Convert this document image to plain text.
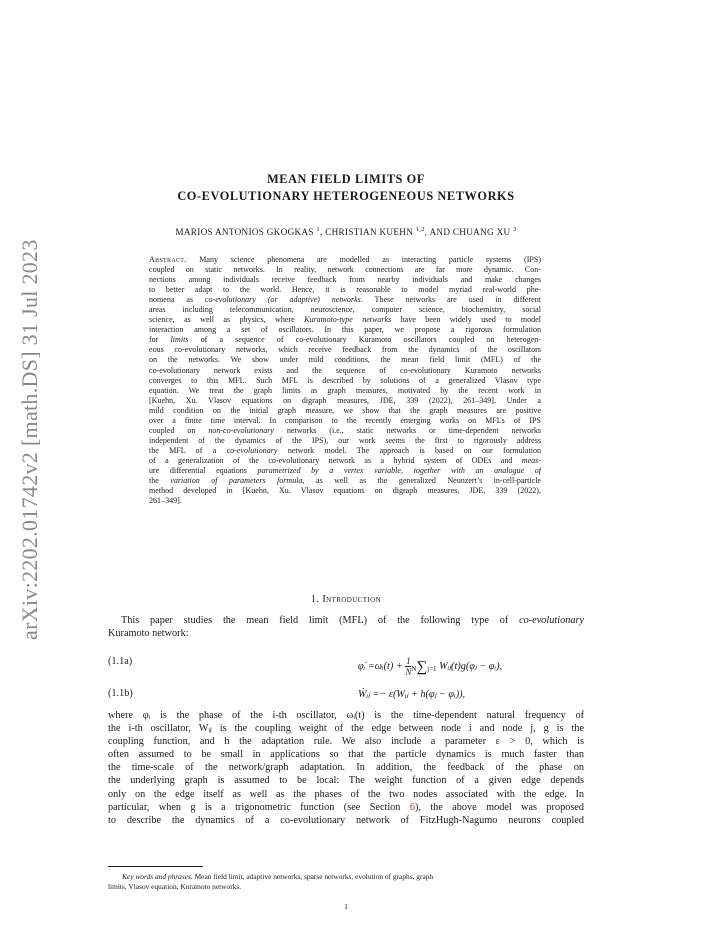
arXiv:2202.01742v2 [math.DS] 31 Jul 2023
MEAN FIELD LIMITS OF
CO-EVOLUTIONARY HETEROGENEOUS NETWORKS
MARIOS ANTONIOS GKOGKAS $^1$, CHRISTIAN KUEHN $^{1,2}$, AND CHUANG XU $^3$
Abstract. Many science phenomena are modelled as interacting particle systems (IPS)
coupled on static networks. In reality, network connections are far more dynamic. Con-
nections among individuals receive feedback from nearby individuals and make changes
to better adapt to the world. Hence, it is reasonable to model myriad real-world phe-
nomena as co-evolutionary (or adaptive) networks. These networks are used in different
areas including telecommunication, neuroscience, computer science, biochemistry, social
science, as well as physics, where Kuramoto-type networks have been widely used to model
interaction among a set of oscillators. In this paper, we propose a rigorous formulation
for limits of a sequence of co-evolutionary Kuramoto oscillators coupled on heterogen-
eous co-evolutionary networks, which receive feedback from the dynamics of the oscillators
on the networks. We show under mild conditions, the mean field limit (MFL) of the
co-evolutionary network exists and the sequence of co-evolutionary Kuramoto networks
converges to this MFL. Such MFL is described by solutions of a generalized Vlasov type
equation. We treat the graph limits as graph measures, motivated by the recent work in
[Kuehn, Xu. Vlasov equations on digraph measures, JDE, 339 (2022), 261–349]. Under a
mild condition on the initial graph measure, we show that the graph measures are positive
over a finite time interval. In comparison to the recently emerging works on MFLs of IPS
coupled on non-co-evolutionary networks (i.e., static networks or time-dependent networks
independent of the dynamics of the IPS), our work seems the first to rigorously address
the MFL of a co-evolutionary network model. The approach is based on our formulation
of a generalization of the co-evolutionary network as a hybrid system of ODEs and meas-
ure differential equations parametrized by a vertex variable, together with an analogue of
the variation of parameters formula, as well as the generalized Neunzert’s in-cell-particle
method developed in [Kuehn, Xu. Vlasov equations on digraph measures, JDE, 339 (2022),
261–349].
1. Introduction
This paper studies the mean field limit (MFL) of the following type of co-evolutionary
Kuramoto network:
(1.1a)	φ̇ᵢ =ωᵢ(t) + $\frac{1}{N} N\sum j=1$ Wᵢⱼ(t)g(φⱼ − φᵢ),
(1.1b)	Ẇᵢⱼ =− ε(Wᵢⱼ + h(φⱼ − φᵢ)),
where φᵢ is the phase of the i-th oscillator, ωᵢ(t) is the time-dependent natural frequency of
the i-th oscillator, Wᵢⱼ is the coupling weight of the edge between node i and node j, g is the
coupling function, and h the adaptation rule. We also include a parameter ε > 0, which is
often assumed to be small in applications so that the particle dynamics is much faster than
the time-scale of the network/graph adaptation. In addition, the feedback of the phase on
the underlying graph is assumed to be local: The weight function of a given edge depends
only on the edge itself as well as the phases of the two nodes associated with the edge. In
particular, when g is a trigonometric function (see Section 6), the above model was proposed
to describe the dynamics of a co-evolutionary network of FitzHugh-Nagumo neurons coupled
Key words and phrases. Mean field limit, adaptive networks, sparse networks, evolution of graphs, graph
limits, Vlasov equation, Kuramoto networks.
1
